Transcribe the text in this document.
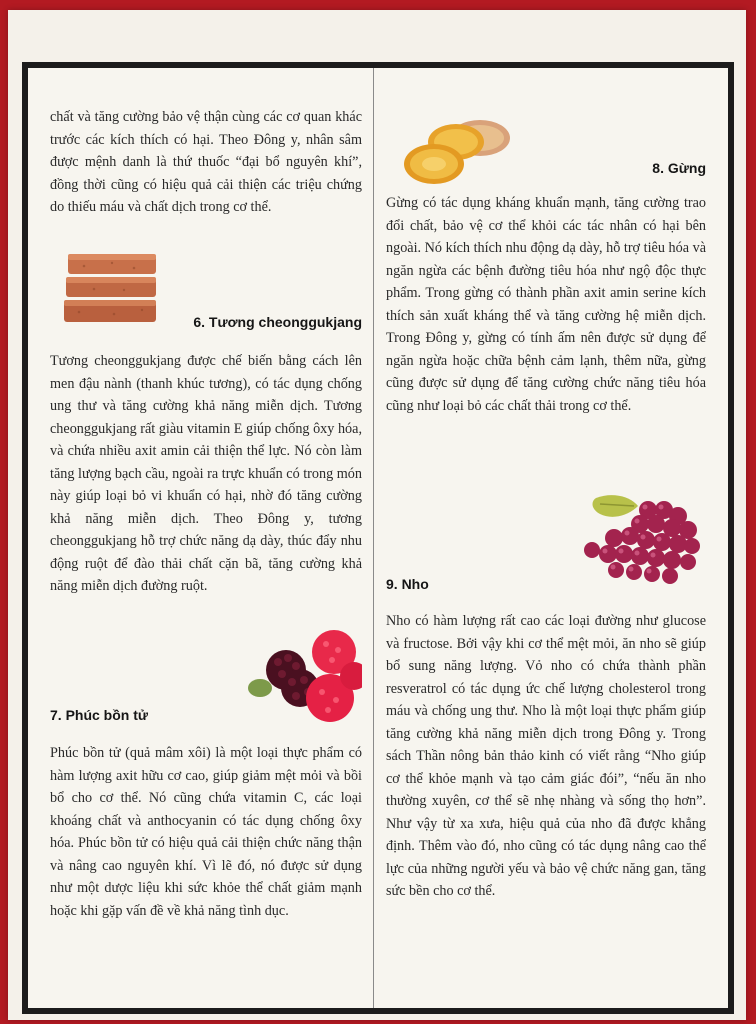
chất và tăng cường bảo vệ thận cùng các cơ quan khác trước các kích thích có hại. Theo Đông y, nhân sâm được mệnh danh là thứ thuốc “đại bổ nguyên khí”, đồng thời cũng có hiệu quả cải thiện các triệu chứng do thiếu máu và chất dịch trong cơ thể.

6. Tương cheonggukjang

Tương cheonggukjang được chế biến bằng cách lên men đậu nành (thanh khúc tương), có tác dụng chống ung thư và tăng cường khả năng miễn dịch. Tương cheonggukjang rất giàu vitamin E giúp chống ôxy hóa, và chứa nhiều axit amin cải thiện thể lực. Nó còn làm tăng lượng bạch cầu, ngoài ra trực khuẩn có trong món này giúp loại bỏ vi khuẩn có hại, nhờ đó tăng cường khả năng miễn dịch. Theo Đông y, tương cheonggukjang hỗ trợ chức năng dạ dày, thúc đẩy nhu động ruột để đào thải chất cặn bã, tăng cường khả năng miễn dịch đường ruột.

7. Phúc bồn tử

Phúc bồn tử (quả mâm xôi) là một loại thực phẩm có hàm lượng axit hữu cơ cao, giúp giảm mệt mỏi và bồi bổ cho cơ thể. Nó cũng chứa vitamin C, các loại khoáng chất và anthocyanin có tác dụng chống ôxy hóa. Phúc bồn tử có hiệu quả cải thiện chức năng thận và nâng cao nguyên khí. Vì lẽ đó, nó được sử dụng như một dược liệu khi sức khỏe thể chất giảm mạnh hoặc khi gặp vấn đề về khả năng tình dục.

8. Gừng

Gừng có tác dụng kháng khuẩn mạnh, tăng cường trao đổi chất, bảo vệ cơ thể khỏi các tác nhân có hại bên ngoài. Nó kích thích nhu động dạ dày, hỗ trợ tiêu hóa và ngăn ngừa các bệnh đường tiêu hóa như ngộ độc thực phẩm. Trong gừng có thành phần axit amin serine kích thích sản xuất kháng thể và tăng cường hệ miễn dịch. Trong Đông y, gừng có tính ấm nên được sử dụng để ngăn ngừa hoặc chữa bệnh cảm lạnh, thêm nữa, gừng cũng được sử dụng để tăng cường chức năng tiêu hóa cũng như loại bỏ các chất thải trong cơ thể.

9. Nho

Nho có hàm lượng rất cao các loại đường như glucose và fructose. Bởi vậy khi cơ thể mệt mỏi, ăn nho sẽ giúp bổ sung năng lượng. Vỏ nho có chứa thành phần resveratrol có tác dụng ức chế lượng cholesterol trong máu và chống ung thư. Nho là một loại thực phẩm giúp tăng cường khả năng miễn dịch trong Đông y. Trong sách Thần nông bản thảo kinh có viết rằng “Nho giúp cơ thể khỏe mạnh và tạo cảm giác đói”, “nếu ăn nho thường xuyên, cơ thể sẽ nhẹ nhàng và sống thọ hơn”. Như vậy từ xa xưa, hiệu quả của nho đã được khẳng định. Thêm vào đó, nho cũng có tác dụng nâng cao thể lực của những người yếu và bảo vệ chức năng gan, tăng sức bền cho cơ thể.
